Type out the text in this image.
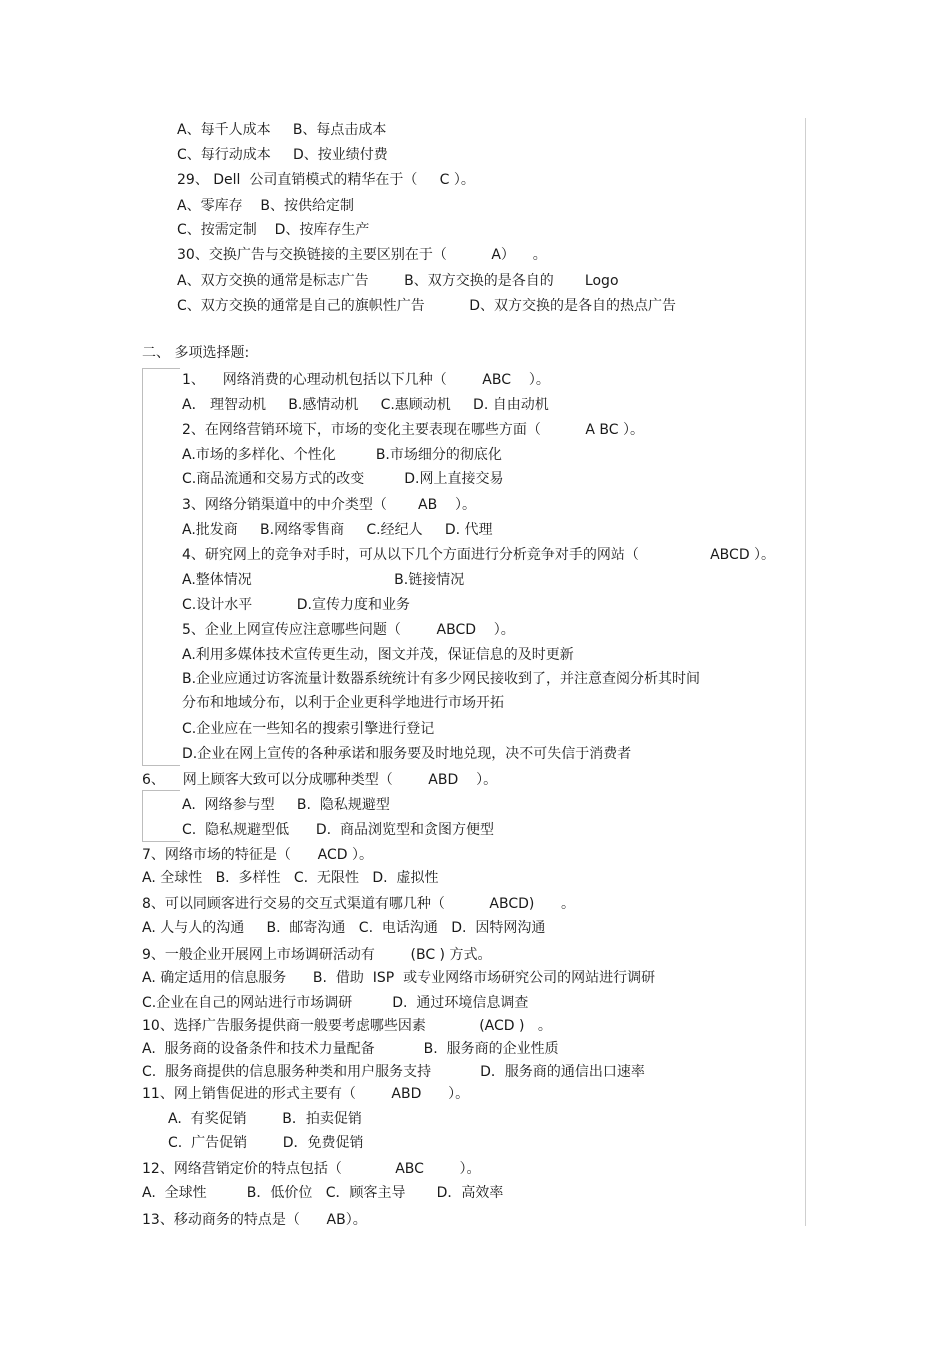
A、每千人成本     B、每点击成本
C、每行动成本     D、按业绩付费
29、 Dell  公司直销模式的精华在于（     C ）。
A、零库存    B、按供给定制
C、按需定制    D、按库存生产
30、交换广告与交换链接的主要区别在于（          A）    。
A、双方交换的通常是标志广告        B、双方交换的是各自的       Logo
C、双方交换的通常是自己的旗帜性广告          D、双方交换的是各自的热点广告
二、 多项选择题:
1、    网络消费的心理动机包括以下几种（        ABC    ）。
A． 理智动机     B.感情动机     C.惠顾动机     D. 自由动机
2、在网络营销环境下，市场的变化主要表现在哪些方面（          A BC ）。
A.市场的多样化、个性化         B.市场细分的彻底化
C.商品流通和交易方式的改变         D.网上直接交易
3、网络分销渠道中的中介类型（       AB    ）。
A.批发商     B.网络零售商     C.经纪人     D. 代理
4、研究网上的竞争对手时，可从以下几个方面进行分析竞争对手的网站（                ABCD ）。
A.整体情况                                B.链接情况
C.设计水平          D.宣传力度和业务
5、企业上网宣传应注意哪些问题（        ABCD    ）。
A.利用多媒体技术宣传更生动，图文并茂，保证信息的及时更新
B.企业应通过访客流量计数器系统统计有多少网民接收到了，并注意查阅分析其时间
分布和地域分布，以利于企业更科学地进行市场开拓
C.企业应在一些知名的搜索引擎进行登记
D.企业在网上宣传的各种承诺和服务要及时地兑现，决不可失信于消费者
6、    网上顾客大致可以分成哪种类型（        ABD    ）。
A.  网络参与型     B.  隐私规避型
C.  隐私规避型低      D.  商品浏览型和贪图方便型
7、网络市场的特征是（      ACD ）。
A. 全球性   B.  多样性   C.  无限性   D.  虚拟性
8、可以同顾客进行交易的交互式渠道有哪几种（          ABCD)      。
A. 人与人的沟通     B.  邮寄沟通   C.  电话沟通   D.  因特网沟通
9、一般企业开展网上市场调研活动有        (BC ) 方式。
A. 确定适用的信息服务      B.  借助  ISP  或专业网络市场研究公司的网站进行调研
C.企业在自己的网站进行市场调研         D.  通过环境信息调查
10、选择广告服务提供商一般要考虑哪些因素            (ACD )   。
A.  服务商的设备条件和技术力量配备           B.  服务商的企业性质
C.  服务商提供的信息服务种类和用户服务支持           D．服务商的通信出口速率
11、网上销售促进的形式主要有（        ABD      ）。
A.  有奖促销        B．拍卖促销
C.  广告促销        D．免费促销
12、网络营销定价的特点包括（            ABC        ）。
A.  全球性         B．低价位   C．顾客主导       D．高效率
13、移动商务的特点是（      AB）。
